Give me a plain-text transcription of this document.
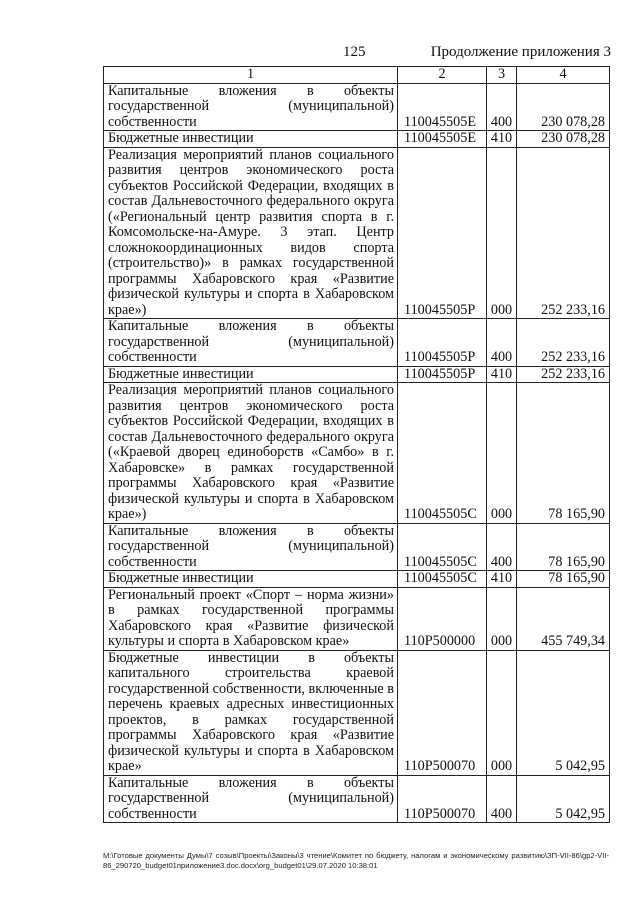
125	Продолжение приложения 3
1	2	3	4
Капитальные вложения в объекты государственной (муниципальной) собственности	110045505Е	400	230 078,28
Бюджетные инвестиции	110045505Е	410	230 078,28
Реализация мероприятий планов социального развития центров экономического роста субъектов Российской Федерации, входящих в состав Дальневосточного федерального округа («Региональный центр развития спорта в г. Комсомольске-на-Амуре. 3 этап. Центр сложнокоординационных видов спорта (строительство)» в рамках государственной программы Хабаровского края «Развитие физической культуры и спорта в Хабаровском крае»)	110045505Р	000	252 233,16
Капитальные вложения в объекты государственной (муниципальной) собственности	110045505Р	400	252 233,16
Бюджетные инвестиции	110045505Р	410	252 233,16
Реализация мероприятий планов социального развития центров экономического роста субъектов Российской Федерации, входящих в состав Дальневосточного федерального округа («Краевой дворец единоборств «Самбо» в г. Хабаровске» в рамках государственной программы Хабаровского края «Развитие физической культуры и спорта в Хабаровском крае»)	110045505С	000	78 165,90
Капитальные вложения в объекты государственной (муниципальной) собственности	110045505С	400	78 165,90
Бюджетные инвестиции	110045505С	410	78 165,90
Региональный проект «Спорт – норма жизни» в рамках государственной программы Хабаровского края «Развитие физической культуры и спорта в Хабаровском крае»	110Р500000	000	455 749,34
Бюджетные инвестиции в объекты капитального строительства краевой государственной собственности, включенные в перечень краевых адресных инвестиционных проектов, в рамках государственной программы Хабаровского края «Развитие физической культуры и спорта в Хабаровском крае»	110Р500070	000	5 042,95
Капитальные вложения в объекты государственной (муниципальной) собственности	110Р500070	400	5 042,95
М:\Готовые документы Думы\7 созыв\Проекты\Законы\3 чтение\Комитет по бюджету, налогам и экономическому развитию\ЗП-VII-86\gp2-VII-86_290720_budget01приложение3.doc.docx\org_budget01\29.07.2020 10:38:01
